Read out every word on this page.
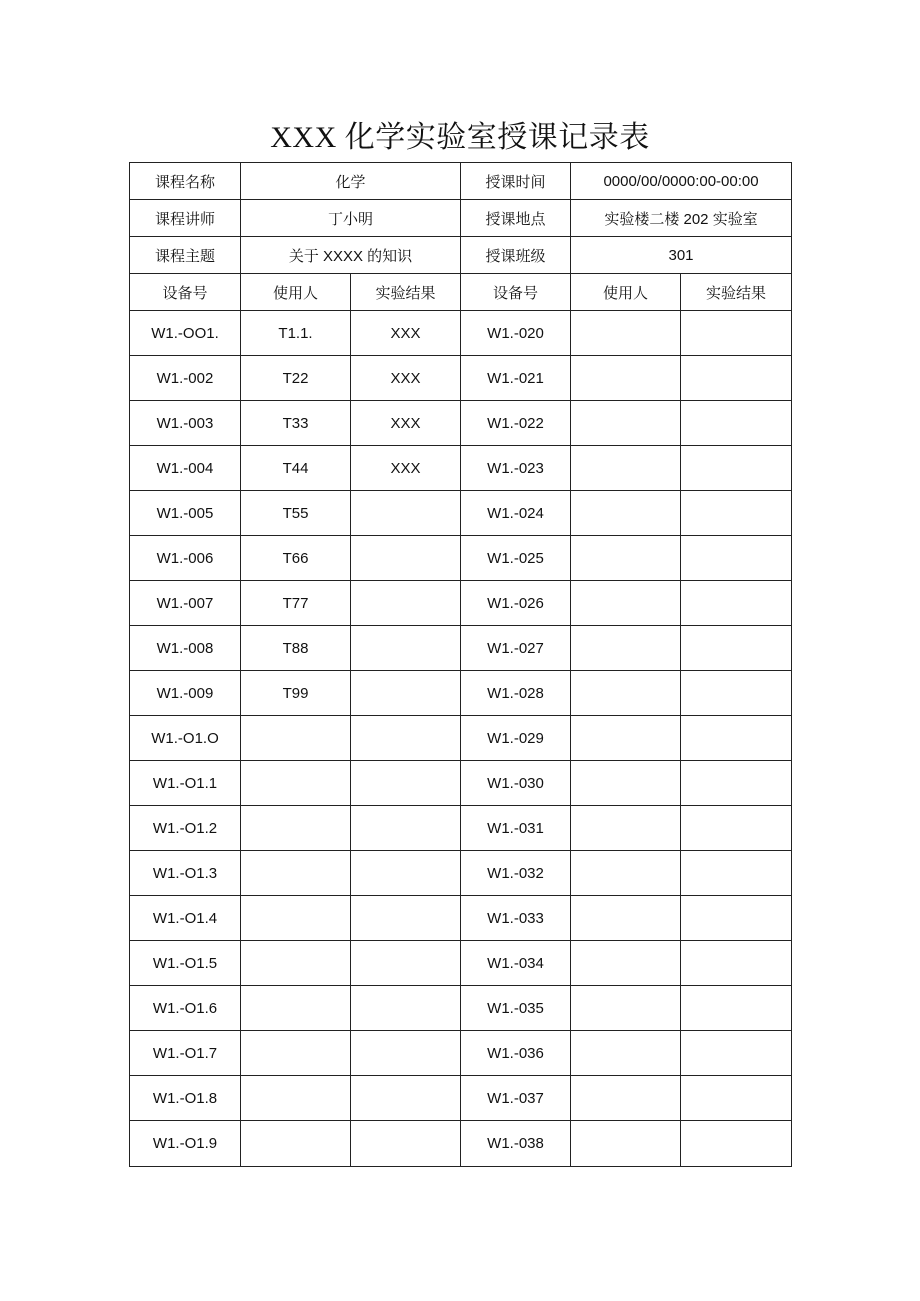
XXX 化学实验室授课记录表
课程名称	化学		授课时间	0000/00/0000:00-00:00	
课程讲师	丁小明		授课地点	实验楼二楼 202 实验室	
课程主题	关于 XXXX 的知识		授课班级	301	
设备号	使用人	实验结果	设备号	使用人	实验结果
W1.-OO1.	T1.1.	XXX	W1.-020		
W1.-002	T22	XXX	W1.-021		
W1.-003	T33	XXX	W1.-022		
W1.-004	T44	XXX	W1.-023		
W1.-005	T55		W1.-024		
W1.-006	T66		W1.-025		
W1.-007	T77		W1.-026		
W1.-008	T88		W1.-027		
W1.-009	T99		W1.-028		
W1.-O1.O			W1.-029		
W1.-O1.1			W1.-030		
W1.-O1.2			W1.-031		
W1.-O1.3			W1.-032		
W1.-O1.4			W1.-033		
W1.-O1.5			W1.-034		
W1.-O1.6			W1.-035		
W1.-O1.7			W1.-036		
W1.-O1.8			W1.-037		
W1.-O1.9			W1.-038		
